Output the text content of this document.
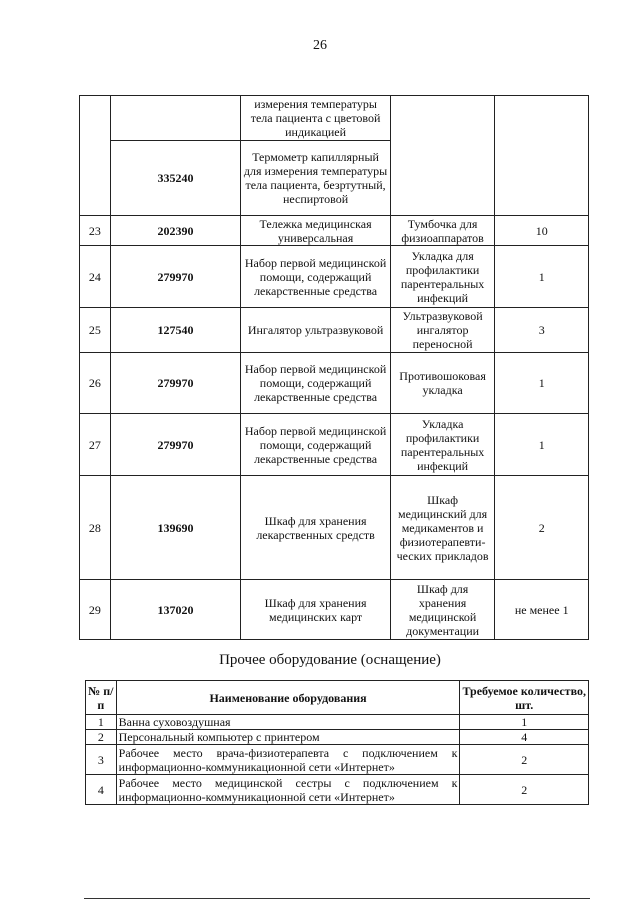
26
		измерения температуры тела пациента с цветовой индикацией		
	335240	Термометр капиллярный для измерения температуры тела пациента, безртутный, неспиртовой		
23	202390	Тележка медицинская универсальная	Тумбочка для физиоаппаратов	10
24	279970	Набор первой медицинской помощи, содержащий лекарственные средства	Укладка для профилактики парентеральных инфекций	1
25	127540	Ингалятор ультразвуковой	Ультразвуковой ингалятор переносной	3
26	279970	Набор первой медицинской помощи, содержащий лекарственные средства	Противошоковая укладка	1
27	279970	Набор первой медицинской помощи, содержащий лекарственные средства	Укладка профилактики парентеральных инфекций	1
28	139690	Шкаф для хранения лекарственных средств	Шкаф медицинский для медикаментов и физиотерапевти-ческих прикладов	2
29	137020	Шкаф для хранения медицинских карт	Шкаф для хранения медицинской документации	не менее 1
Прочее оборудование (оснащение)
№ п/п	Наименование оборудования	Требуемое количество, шт.
1	Ванна суховоздушная	1
2	Персональный компьютер с принтером	4
3	Рабочее место врача-физиотерапевта с подключением к информационно-коммуникационной сети «Интернет»	2
4	Рабочее место медицинской сестры с подключением к информационно-коммуникационной сети «Интернет»	2
